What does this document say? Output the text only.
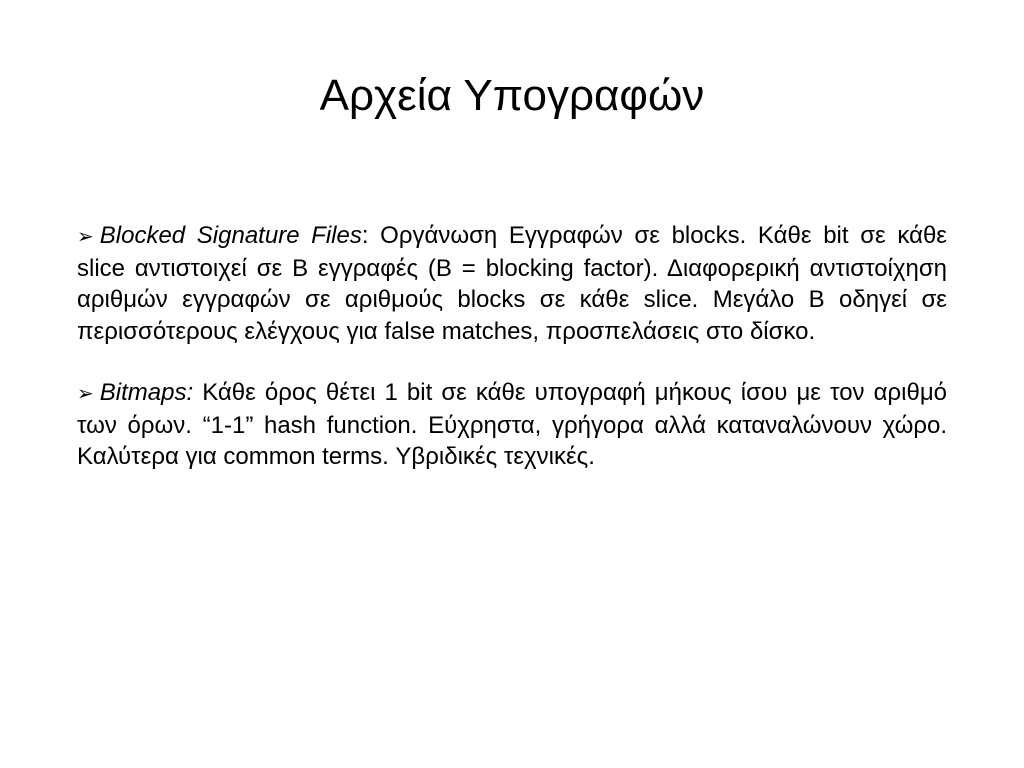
Αρχεία Υπογραφών

➢ Blocked Signature Files: Οργάνωση Εγγραφών σε blocks. Κάθε bit σε κάθε slice αντιστοιχεί σε B εγγραφές (B = blocking factor). Διαφορερική αντιστοίχηση αριθμών εγγραφών σε αριθμούς blocks σε κάθε slice. Μεγάλο B οδηγεί σε περισσότερους ελέγχους για false matches, προσπελάσεις στο δίσκο.

➢ Bitmaps: Κάθε όρος θέτει 1 bit σε κάθε υπογραφή μήκους ίσου με τον αριθμό των όρων. “1-1” hash function. Εύχρηστα, γρήγορα αλλά καταναλώνουν χώρο. Καλύτερα για common terms. Υβριδικές τεχνικές.
